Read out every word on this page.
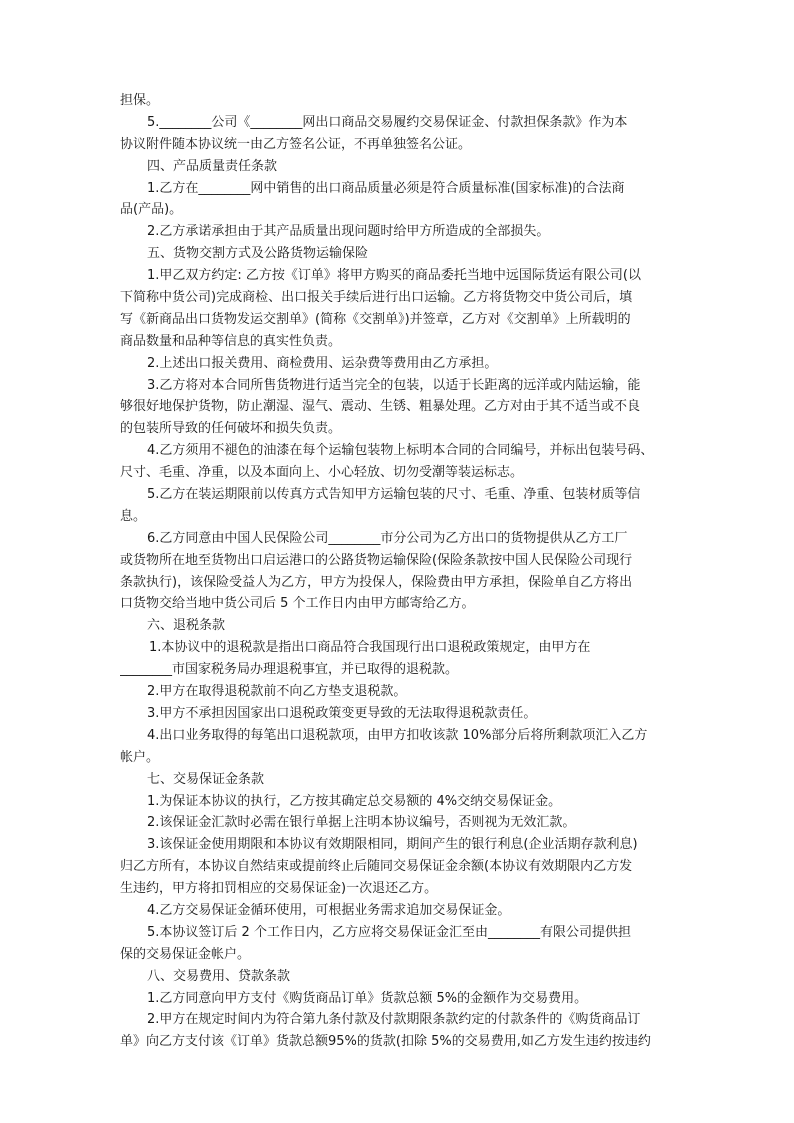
担保。
5.________公司《________网出口商品交易履约交易保证金、付款担保条款》作为本
协议附件随本协议统一由乙方签名公证，不再单独签名公证。
四、产品质量责任条款
1.乙方在________网中销售的出口商品质量必须是符合质量标准(国家标准)的合法商
品(产品)。
2.乙方承诺承担由于其产品质量出现问题时给甲方所造成的全部损失。
五、货物交割方式及公路货物运输保险
1.甲乙双方约定: 乙方按《订单》将甲方购买的商品委托当地中远国际货运有限公司(以
下简称中货公司)完成商检、出口报关手续后进行出口运输。乙方将货物交中货公司后，填
写《新商品出口货物发运交割单》(简称《交割单》)并签章，乙方对《交割单》上所载明的
商品数量和品种等信息的真实性负责。
2.上述出口报关费用、商检费用、运杂费等费用由乙方承担。
3.乙方将对本合同所售货物进行适当完全的包装，以适于长距离的远洋或内陆运输，能
够很好地保护货物，防止潮湿、湿气、震动、生锈、粗暴处理。乙方对由于其不适当或不良
的包装所导致的任何破坏和损失负责。
4.乙方须用不褪色的油漆在每个运输包装物上标明本合同的合同编号，并标出包装号码、
尺寸、毛重、净重，以及本面向上、小心轻放、切勿受潮等装运标志。
5.乙方在装运期限前以传真方式告知甲方运输包装的尺寸、毛重、净重、包装材质等信
息。
6.乙方同意由中国人民保险公司________市分公司为乙方出口的货物提供从乙方工厂
或货物所在地至货物出口启运港口的公路货物运输保险(保险条款按中国人民保险公司现行
条款执行)，该保险受益人为乙方，甲方为投保人，保险费由甲方承担，保险单自乙方将出
口货物交给当地中货公司后 5 个工作日内由甲方邮寄给乙方。
六、退税条款
1.本协议中的退税款是指出口商品符合我国现行出口退税政策规定，由甲方在
________市国家税务局办理退税事宜，并已取得的退税款。
2.甲方在取得退税款前不向乙方垫支退税款。
3.甲方不承担因国家出口退税政策变更导致的无法取得退税款责任。
4.出口业务取得的每笔出口退税款项，由甲方扣收该款 10%部分后将所剩款项汇入乙方
帐户。
七、交易保证金条款
1.为保证本协议的执行，乙方按其确定总交易额的 4%交纳交易保证金。
2.该保证金汇款时必需在银行单据上注明本协议编号，否则视为无效汇款。
3.该保证金使用期限和本协议有效期限相同，期间产生的银行利息(企业活期存款利息)
归乙方所有，本协议自然结束或提前终止后随同交易保证金余额(本协议有效期限内乙方发
生违约，甲方将扣罚相应的交易保证金)一次退还乙方。
4.乙方交易保证金循环使用，可根据业务需求追加交易保证金。
5.本协议签订后 2 个工作日内，乙方应将交易保证金汇至由________有限公司提供担
保的交易保证金帐户。
八、交易费用、贷款条款
1.乙方同意向甲方支付《购货商品订单》货款总额 5%的金额作为交易费用。
2.甲方在规定时间内为符合第九条付款及付款期限条款约定的付款条件的《购货商品订
单》向乙方支付该《订单》货款总额95%的货款(扣除 5%的交易费用,如乙方发生违约按违约
